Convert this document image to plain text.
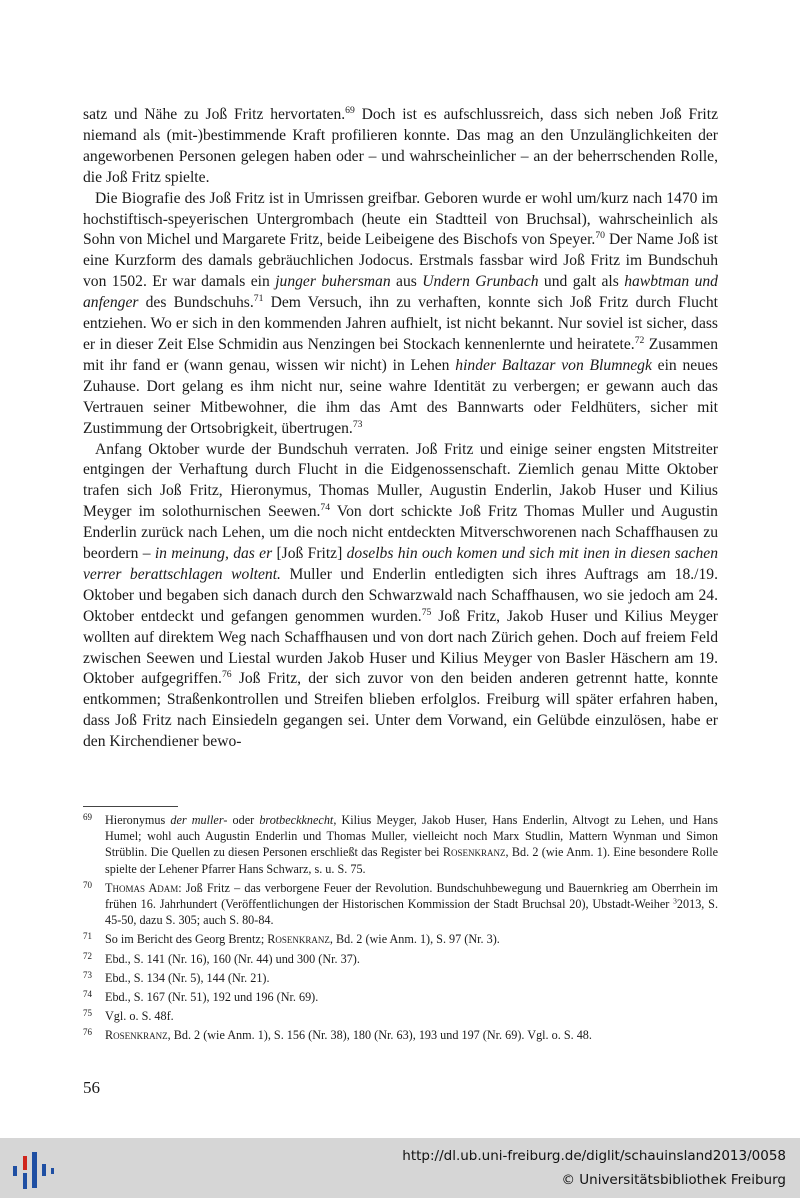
satz und Nähe zu Joß Fritz hervortaten.$^{69}$ Doch ist es aufschlussreich, dass sich neben Joß Fritz niemand als (mit-)bestimmende Kraft profilieren konnte. Das mag an den Unzulänglichkeiten der angeworbenen Personen gelegen haben oder – und wahrscheinlicher – an der beherrschenden Rolle, die Joß Fritz spielte.

Die Biografie des Joß Fritz ist in Umrissen greifbar. Geboren wurde er wohl um/kurz nach 1470 im hochstiftisch-speyerischen Untergrombach (heute ein Stadtteil von Bruchsal), wahrscheinlich als Sohn von Michel und Margarete Fritz, beide Leibeigene des Bischofs von Speyer.$^{70}$ Der Name Joß ist eine Kurzform des damals gebräuchlichen Jodocus. Erstmals fassbar wird Joß Fritz im Bundschuh von 1502. Er war damals ein junger buhersman aus Undern Grunbach und galt als hawbtman und anfenger des Bundschuhs.$^{71}$ Dem Versuch, ihn zu verhaften, konnte sich Joß Fritz durch Flucht entziehen. Wo er sich in den kommenden Jahren aufhielt, ist nicht bekannt. Nur soviel ist sicher, dass er in dieser Zeit Else Schmidin aus Nenzingen bei Stockach kennenlernte und heiratete.$^{72}$ Zusammen mit ihr fand er (wann genau, wissen wir nicht) in Lehen hinder Baltazar von Blumnegk ein neues Zuhause. Dort gelang es ihm nicht nur, seine wahre Identität zu verbergen; er gewann auch das Vertrauen seiner Mitbewohner, die ihm das Amt des Bannwarts oder Feldhüters, sicher mit Zustimmung der Ortsobrigkeit, übertrugen.$^{73}$

Anfang Oktober wurde der Bundschuh verraten. Joß Fritz und einige seiner engsten Mitstreiter entgingen der Verhaftung durch Flucht in die Eidgenossenschaft. Ziemlich genau Mitte Oktober trafen sich Joß Fritz, Hieronymus, Thomas Muller, Augustin Enderlin, Jakob Huser und Kilius Meyger im solothurnischen Seewen.$^{74}$ Von dort schickte Joß Fritz Thomas Muller und Augustin Enderlin zurück nach Lehen, um die noch nicht entdeckten Mitverschworenen nach Schaffhausen zu beordern – in meinung, das er [Joß Fritz] doselbs hin ouch komen und sich mit inen in diesen sachen verrer berattschlagen woltent. Muller und Enderlin entledigten sich ihres Auftrags am 18./19. Oktober und begaben sich danach durch den Schwarzwald nach Schaffhausen, wo sie jedoch am 24. Oktober entdeckt und gefangen genommen wurden.$^{75}$ Joß Fritz, Jakob Huser und Kilius Meyger wollten auf direktem Weg nach Schaffhausen und von dort nach Zürich gehen. Doch auf freiem Feld zwischen Seewen und Liestal wurden Jakob Huser und Kilius Meyger von Basler Häschern am 19. Oktober aufgegriffen.$^{76}$ Joß Fritz, der sich zuvor von den beiden anderen getrennt hatte, konnte entkommen; Straßenkontrollen und Streifen blieben erfolglos. Freiburg will später erfahren haben, dass Joß Fritz nach Einsiedeln gegangen sei. Unter dem Vorwand, ein Gelübde einzulösen, habe er den Kirchendiener bewo-

69 Hieronymus der muller- oder brotbeckknecht, Kilius Meyger, Jakob Huser, Hans Enderlin, Altvogt zu Lehen, und Hans Humel; wohl auch Augustin Enderlin und Thomas Muller, vielleicht noch Marx Studlin, Mattern Wynman und Simon Strüblin. Die Quellen zu diesen Personen erschließt das Register bei Rosenkranz, Bd. 2 (wie Anm. 1). Eine besondere Rolle spielte der Lehener Pfarrer Hans Schwarz, s. u. S. 75.
70 Thomas Adam: Joß Fritz – das verborgene Feuer der Revolution. Bundschuhbewegung und Bauernkrieg am Oberrhein im frühen 16. Jahrhundert (Veröffentlichungen der Historischen Kommission der Stadt Bruchsal 20), Ubstadt-Weiher $^3$2013, S. 45-50, dazu S. 305; auch S. 80-84.
71 So im Bericht des Georg Brentz; Rosenkranz, Bd. 2 (wie Anm. 1), S. 97 (Nr. 3).
72 Ebd., S. 141 (Nr. 16), 160 (Nr. 44) und 300 (Nr. 37).
73 Ebd., S. 134 (Nr. 5), 144 (Nr. 21).
74 Ebd., S. 167 (Nr. 51), 192 und 196 (Nr. 69).
75 Vgl. o. S. 48f.
76 Rosenkranz, Bd. 2 (wie Anm. 1), S. 156 (Nr. 38), 180 (Nr. 63), 193 und 197 (Nr. 69). Vgl. o. S. 48.
56
http://dl.ub.uni-freiburg.de/diglit/schauinsland2013/0058
© Universitätsbibliothek Freiburg
